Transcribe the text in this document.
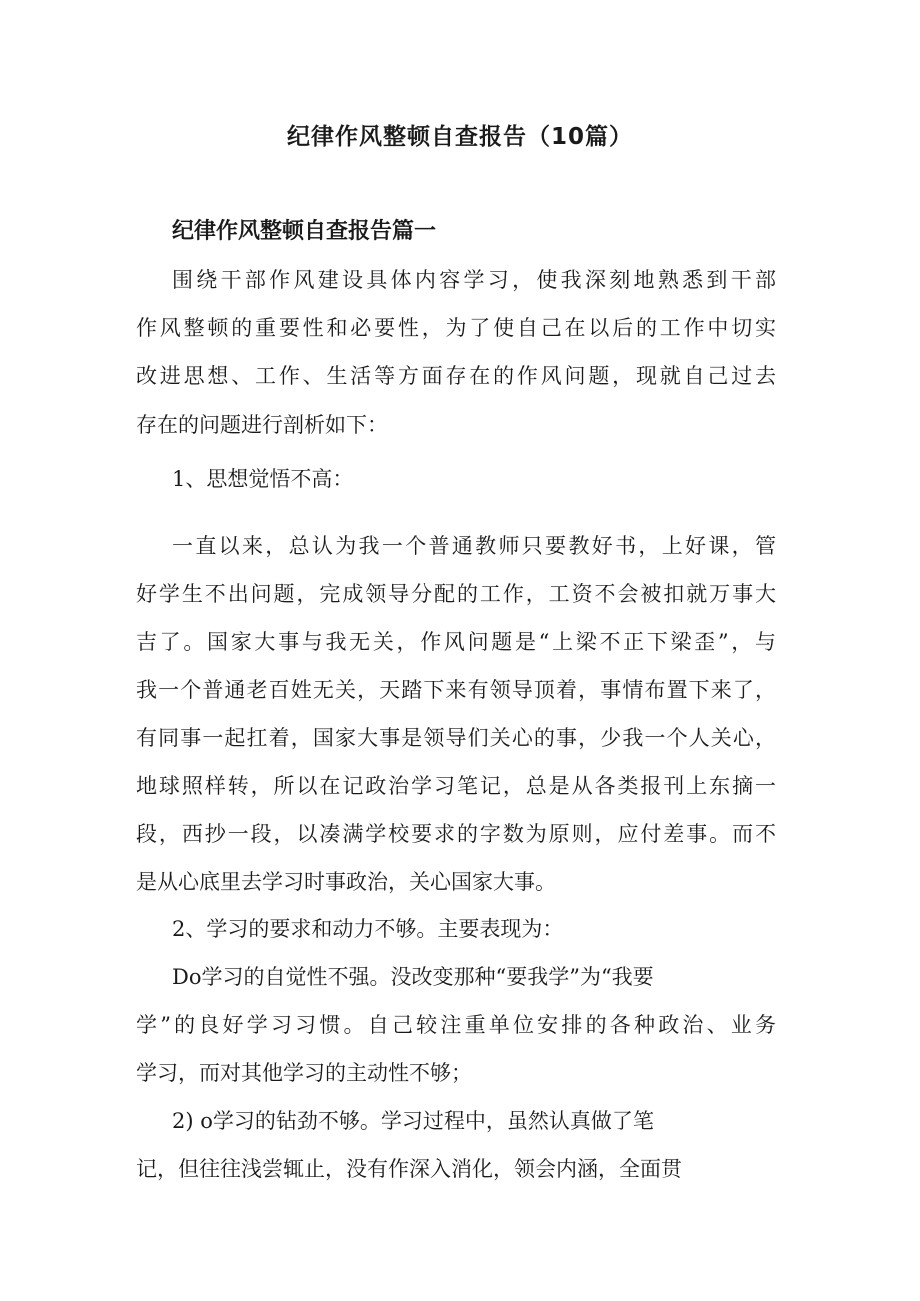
纪律作风整顿自查报告（10篇）
纪律作风整顿自查报告篇一

围绕干部作风建设具体内容学习，使我深刻地熟悉到干部

作风整顿的重要性和必要性，为了使自己在以后的工作中切实

改进思想、工作、生活等方面存在的作风问题，现就自己过去

存在的问题进行剖析如下：

1、思想觉悟不高：

一直以来，总认为我一个普通教师只要教好书，上好课，管

好学生不出问题，完成领导分配的工作，工资不会被扣就万事大

吉了。国家大事与我无关，作风问题是“上梁不正下梁歪”，与

我一个普通老百姓无关，天踏下来有领导顶着，事情布置下来了，

有同事一起扛着，国家大事是领导们关心的事，少我一个人关心，

地球照样转，所以在记政治学习笔记，总是从各类报刊上东摘一

段，西抄一段，以凑满学校要求的字数为原则，应付差事。而不

是从心底里去学习时事政治，关心国家大事。

2、学习的要求和动力不够。主要表现为：

Do学习的自觉性不强。没改变那种“要我学”为“我要

学”的良好学习习惯。自己较注重单位安排的各种政治、业务

学习，而对其他学习的主动性不够；

2) o学习的钻劲不够。学习过程中，虽然认真做了笔

记，但往往浅尝辄止，没有作深入消化，领会内涵，全面贯
